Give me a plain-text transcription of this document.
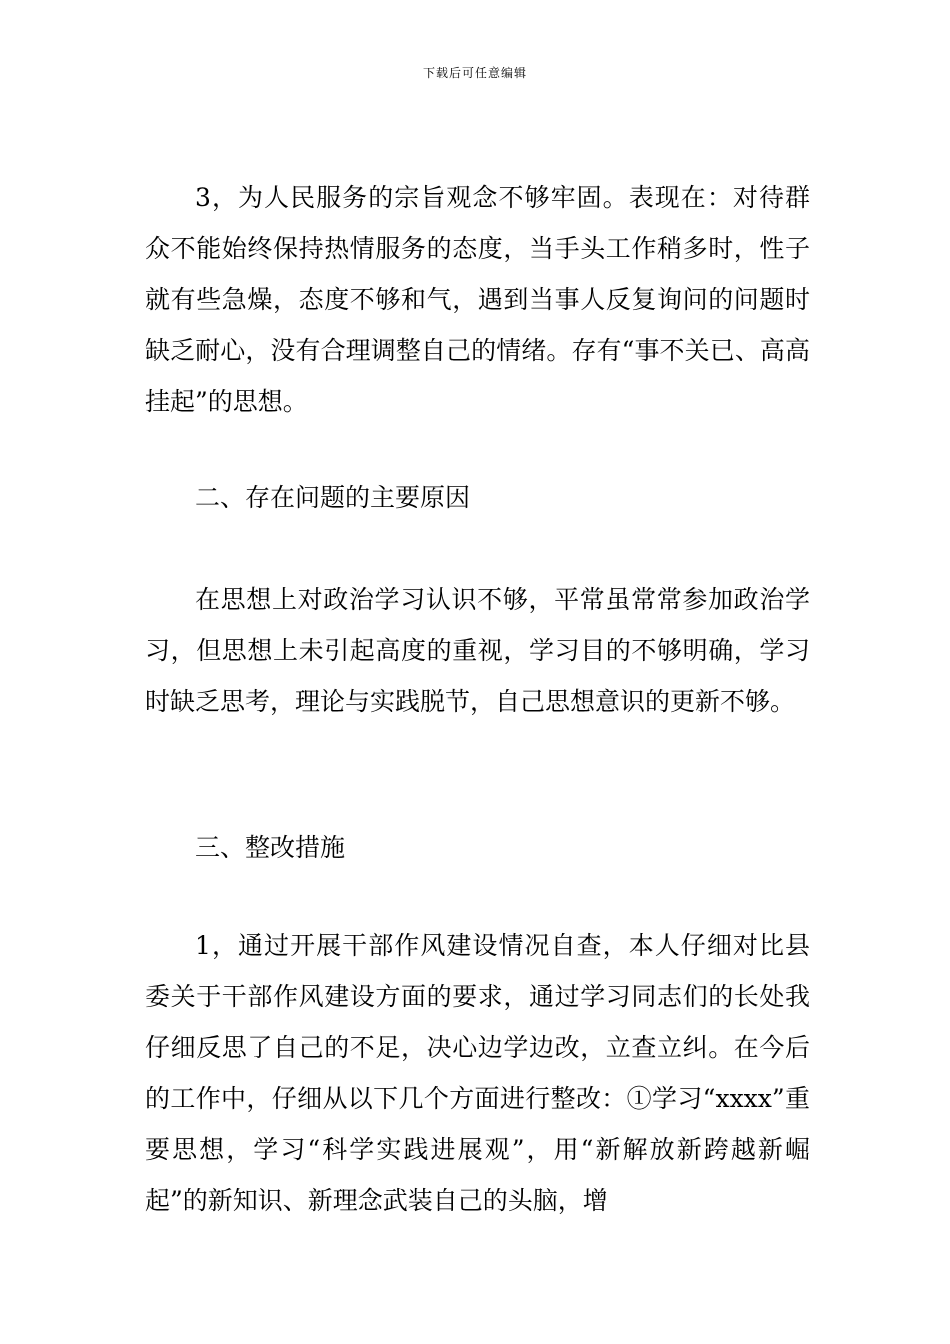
下载后可任意编辑

3，为人民服务的宗旨观念不够牢固。表现在：对待群众不能始终保持热情服务的态度，当手头工作稍多时，性子就有些急燥，态度不够和气，遇到当事人反复询问的问题时缺乏耐心，没有合理调整自己的情绪。存有“事不关已、高高挂起”的思想。

二、存在问题的主要原因

在思想上对政治学习认识不够，平常虽常常参加政治学习，但思想上未引起高度的重视，学习目的不够明确，学习时缺乏思考，理论与实践脱节，自己思想意识的更新不够。

三、整改措施

1，通过开展干部作风建设情况自查，本人仔细对比县委关于干部作风建设方面的要求，通过学习同志们的长处我仔细反思了自己的不足，决心边学边改，立查立纠。在今后的工作中，仔细从以下几个方面进行整改：①学习“xxxx”重要思想，学习“科学实践进展观”，用“新解放新跨越新崛起”的新知识、新理念武装自己的头脑，增
